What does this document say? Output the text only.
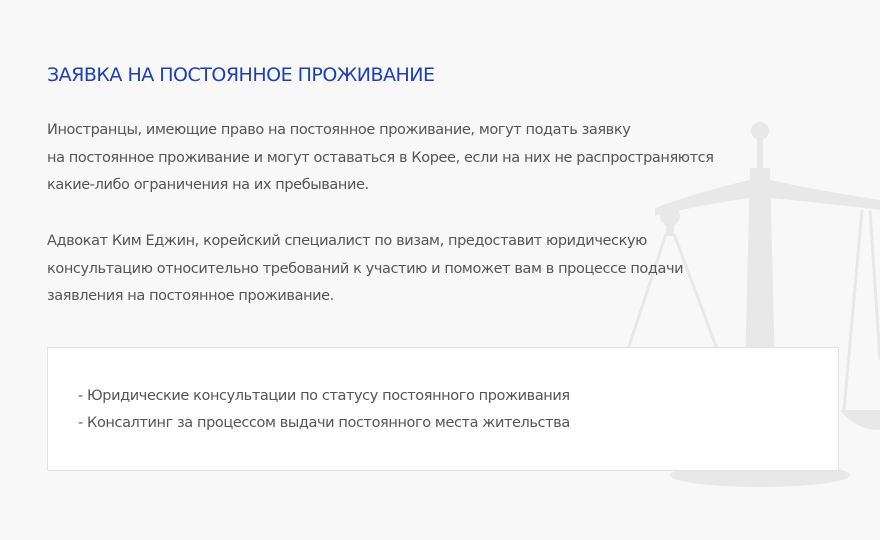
ЗАЯВКА НА ПОСТОЯННОЕ ПРОЖИВАНИЕ

Иностранцы, имеющие право на постоянное проживание, могут подать заявку
на постоянное проживание и могут оставаться в Корее, если на них не распространяются
какие-либо ограничения на их пребывание.

Адвокат Ким Еджин, корейский специалист по визам, предоставит юридическую
консультацию относительно требований к участию и поможет вам в процессе подачи
заявления на постоянное проживание.

- Юридические консультации по статусу постоянного проживания
- Консалтинг за процессом выдачи постоянного места жительства
